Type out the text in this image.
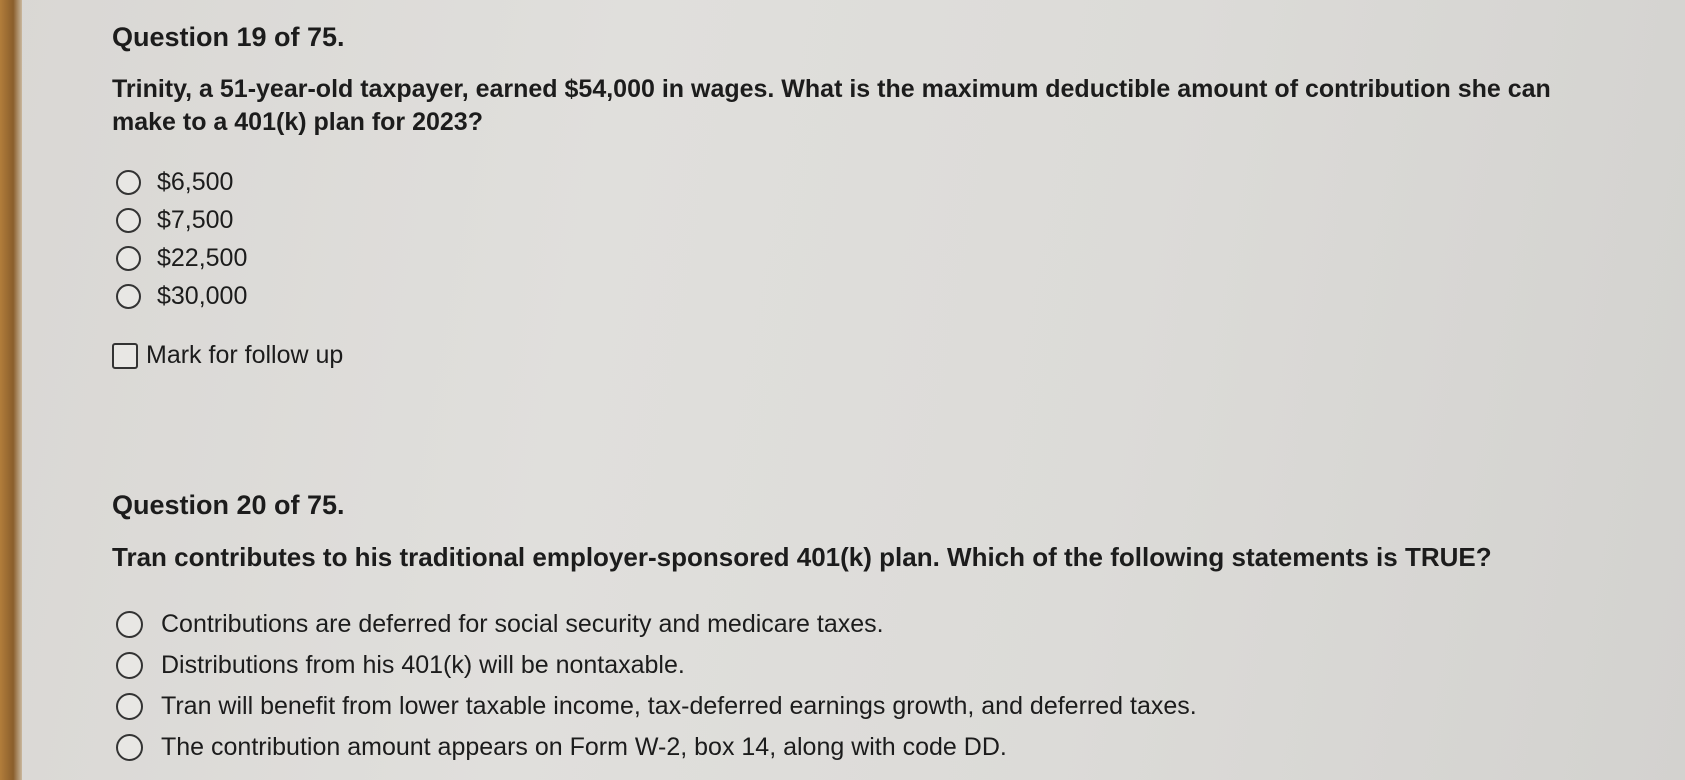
Question 19 of 75.
Trinity, a 51-year-old taxpayer, earned $54,000 in wages. What is the maximum deductible amount of contribution she can make to a 401(k) plan for 2023?
$6,500
$7,500
$22,500
$30,000
Mark for follow up
Question 20 of 75.
Tran contributes to his traditional employer-sponsored 401(k) plan. Which of the following statements is TRUE?
Contributions are deferred for social security and medicare taxes.
Distributions from his 401(k) will be nontaxable.
Tran will benefit from lower taxable income, tax-deferred earnings growth, and deferred taxes.
The contribution amount appears on Form W-2, box 14, along with code DD.
